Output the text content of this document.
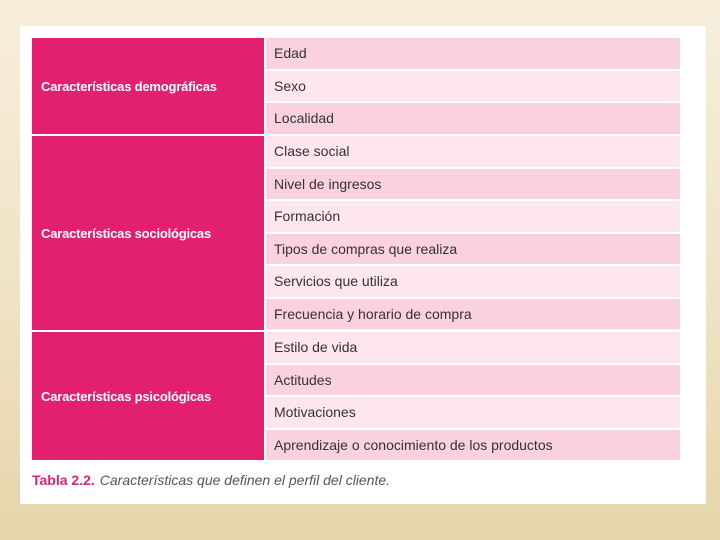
Características demográficas
Características sociológicas
Características psicológicas
Edad
Sexo
Localidad
Clase social
Nivel de ingresos
Formación
Tipos de compras que realiza
Servicios que utiliza
Frecuencia y horario de compra
Estilo de vida
Actitudes
Motivaciones
Aprendizaje o conocimiento de los productos
Tabla 2.2. Características que definen el perfil del cliente.
